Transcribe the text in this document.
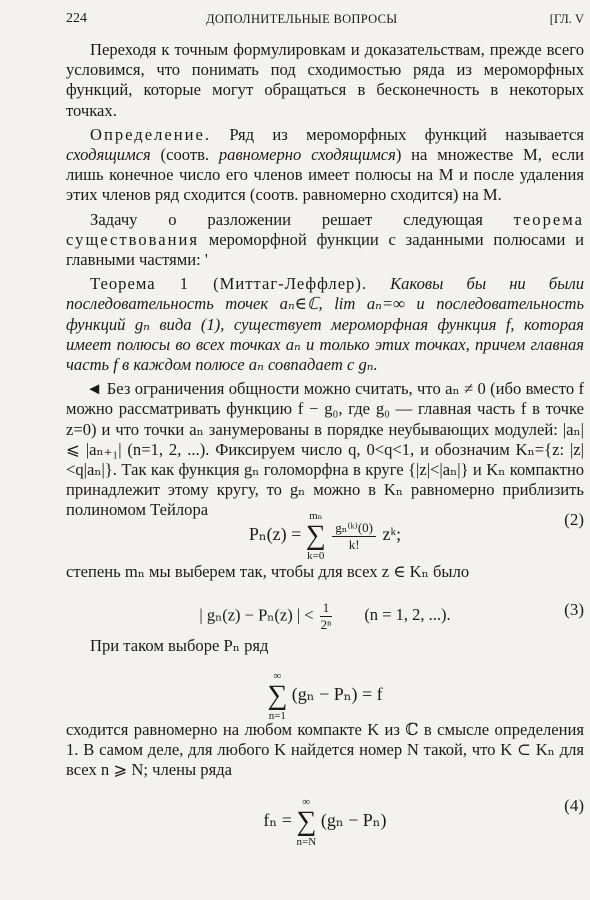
224	ДОПОЛНИТЕЛЬНЫЕ ВОПРОСЫ	[ГЛ. V

Переходя к точным формулировкам и доказательствам, прежде всего условимся, что понимать под сходимостью ряда из мероморфных функций, которые могут обращаться в бесконечность в некоторых точках.

Определение. Ряд из мероморфных функций называется сходящимся (соотв. равномерно сходящимся) на множестве M, если лишь конечное число его членов имеет полюсы на M и после удаления этих членов ряд сходится (соотв. равномерно сходится) на M.

Задачу о разложении решает следующая теорема существования мероморфной функции с заданными полюсами и главными частями: '

Теорема 1 (Миттаг-Леффлер). Каковы бы ни были последовательность точек aₙ∈ℂ, lim aₙ=∞ и последовательность функций gₙ вида (1), существует мероморфная функция f, которая имеет полюсы во всех точках aₙ и только этих точках, причем главная часть f в каждом полюсе aₙ совпадает с gₙ.

◄ Без ограничения общности можно считать, что aₙ ≠ 0 (ибо вместо f можно рассматривать функцию f − g₀, где g₀ — главная часть f в точке z=0) и что точки aₙ занумерованы в порядке неубывающих модулей: |aₙ| ⩽ |aₙ₊₁| (n=1, 2, ...). Фиксируем число q, 0<q<1, и обозначим Kₙ={z: |z|<q|aₙ|}. Так как функция gₙ голоморфна в круге {|z|<|aₙ|} и Kₙ компактно принадлежит этому кругу, то gₙ можно в Kₙ равномерно приблизить полиномом Тейлора

Pₙ(z) =
mₙ
∑
k=0

$\frac{\text{gₙ⁽ᵏ⁾(0)}}{k!}$ zᵏ;
(2)

степень mₙ мы выберем так, чтобы для всех z ∈ Kₙ было

| gₙ(z) − Pₙ(z) | < $\frac{1}{\text{2ⁿ}} (n = 1$, 2, ...).	(3)

При таком выборе Pₙ ряд

∞
∑
n=1
(gₙ − Pₙ) = f

сходится равномерно на любом компакте K из ℂ в смысле определения 1. В самом деле, для любого K найдется номер N такой, что K ⊂ Kₙ для всех n ⩾ N; члены ряда

fₙ =
∞
∑
n=N
(gₙ − Pₙ)
(4)
